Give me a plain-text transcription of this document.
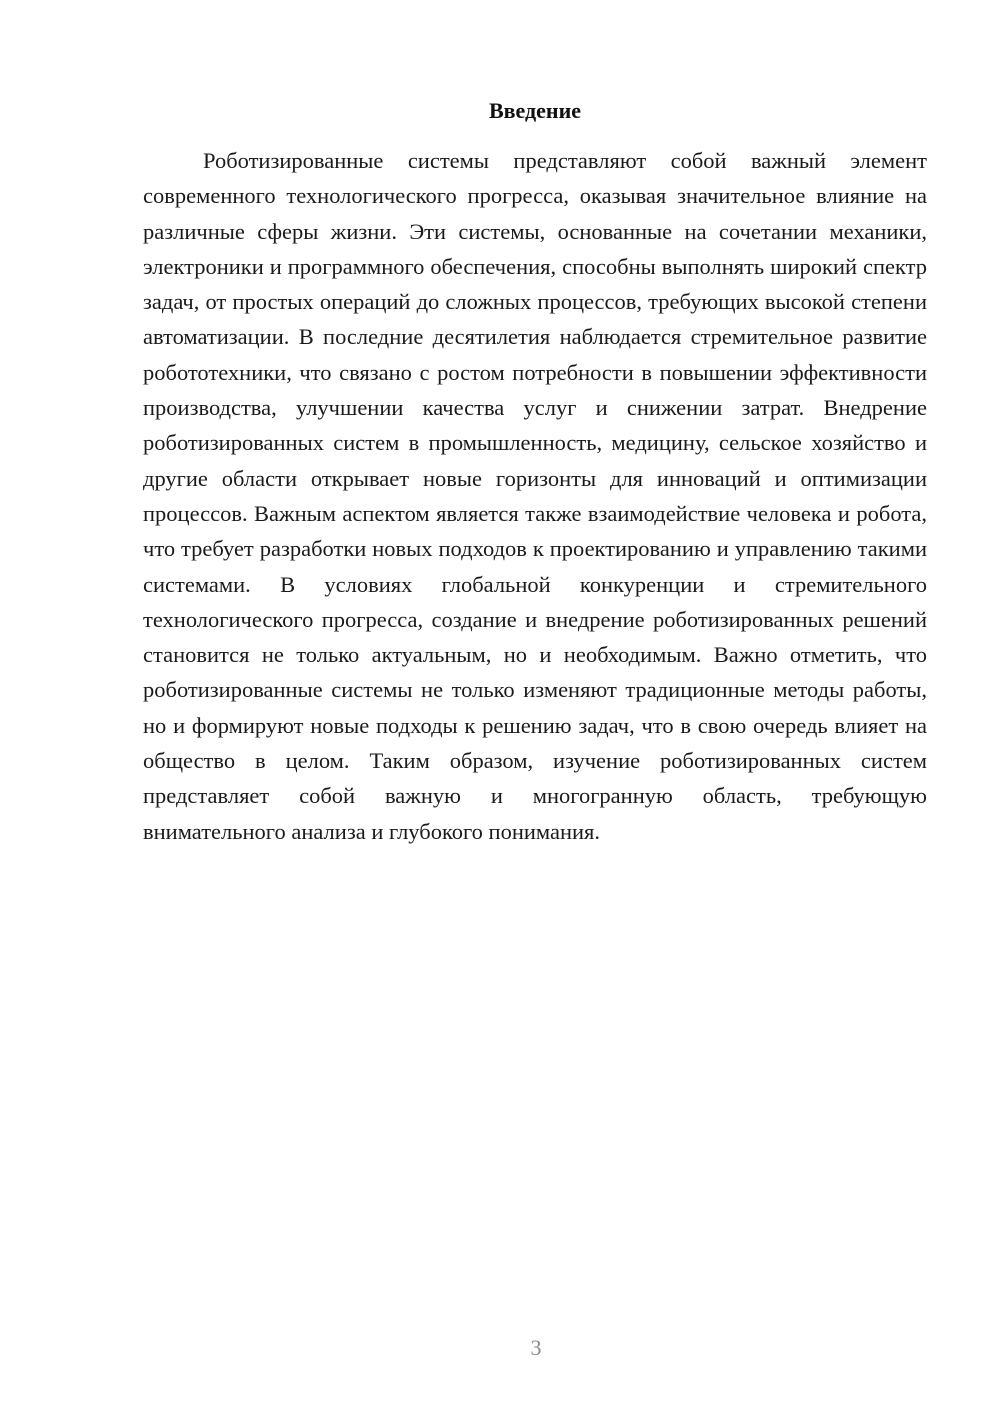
Введение

Роботизированные системы представляют собой важный элемент современного технологического прогресса, оказывая значительное влияние на различные сферы жизни. Эти системы, основанные на сочетании механики, электроники и программного обеспечения, способны выполнять широкий спектр задач, от простых операций до сложных процессов, требующих высокой степени автоматизации. В последние десятилетия наблюдается стремительное развитие робототехники, что связано с ростом потребности в повышении эффективности производства, улучшении качества услуг и снижении затрат. Внедрение роботизированных систем в промышленность, медицину, сельское хозяйство и другие области открывает новые горизонты для инноваций и оптимизации процессов. Важным аспектом является также взаимодействие человека и робота, что требует разработки новых подходов к проектированию и управлению такими системами. В условиях глобальной конкуренции и стремительного технологического прогресса, создание и внедрение роботизированных решений становится не только актуальным, но и необходимым. Важно отметить, что роботизированные системы не только изменяют традиционные методы работы, но и формируют новые подходы к решению задач, что в свою очередь влияет на общество в целом. Таким образом, изучение роботизированных систем представляет собой важную и многогранную область, требующую внимательного анализа и глубокого понимания.

3
